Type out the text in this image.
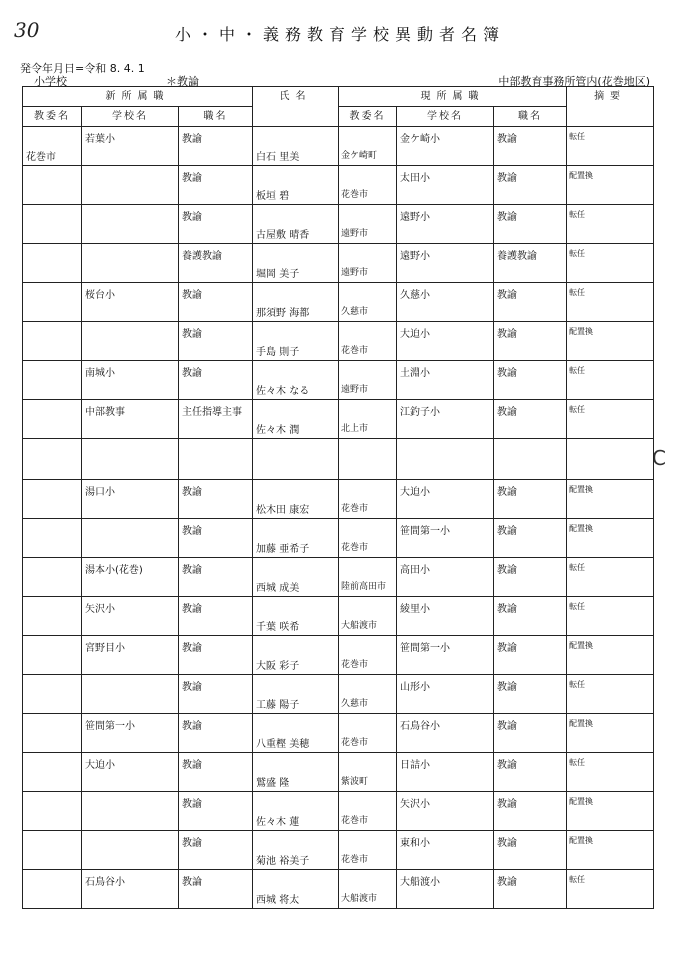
30	小・中・義務教育学校異動者名簿
発令年月日=令和 8. 4. 1
小学校	＊教論	中部教育事務所管内(花巻地区)
C
新所属職			氏名	現所属職			摘要
教委名	学校名	職名		教委名	学校名	職名	

花巻市	若葉小	教諭	白石 里美	金ケ崎町	金ケ崎小	教諭	転任

		教諭	板垣 碧	花巻市	太田小	教諭	配置換

		教諭	古屋敷 晴香	遠野市	遠野小	教諭	転任

		養護教諭	堀岡 美子	遠野市	遠野小	養護教諭	転任

	桜台小	教諭	那須野 海都	久慈市	久慈小	教諭	転任

		教諭	手島 則子	花巻市	大迫小	教諭	配置換

	南城小	教諭	佐々木 なる	遠野市	土淵小	教諭	転任

	中部教事	主任指導主事	佐々木 潤	北上市	江釣子小	教諭	転任

	湯口小	教諭	松木田 康宏	花巻市	大迫小	教諭	配置換

		教諭	加藤 亜希子	花巻市	笹間第一小	教諭	配置換

	湯本小(花巻)	教諭	西城 成美	陸前高田市	高田小	教諭	転任

	矢沢小	教諭	千葉 咲希	大船渡市	綾里小	教諭	転任

	宮野目小	教諭	大阪 彩子	花巻市	笹間第一小	教諭	配置換

		教諭	工藤 陽子	久慈市	山形小	教諭	転任

	笹間第一小	教諭	八重樫 美穂	花巻市	石鳥谷小	教諭	配置換

	大迫小	教諭	鷲盛 隆	紫波町	日詰小	教諭	転任

		教諭	佐々木 蓮	花巻市	矢沢小	教諭	配置換

		教諭	菊池 裕美子	花巻市	東和小	教諭	配置換

	石鳥谷小	教論	西城 将太	大船渡市	大船渡小	教諭	転任
